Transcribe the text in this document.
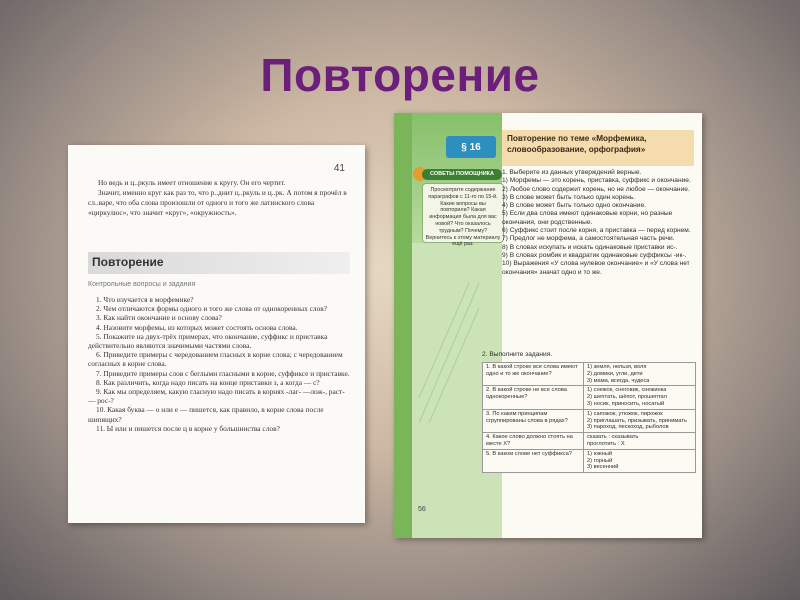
Повторение
41

Но ведь и ц..ркуль имеет отношение к кругу. Он его чертит.

Значит, именно круг как раз то, что р..днит ц..ркуль и ц..рк. А потом я прочёл в сл..варе, что оба слова произошли от одного и того же латинского слова «циркулюс», что значит «круг», «окружность».

Повторение
Контрольные вопросы и задания

1. Что изучается в морфемике?

2. Чем отличаются формы одного и того же слова от однокоренных слов?

3. Как найти окончание и основу слова?

4. Назовите морфемы, из которых может состоять основа слова.

5. Покажите на двух-трёх примерах, что окончание, суффикс и приставка действительно являются значимыми частями слова.

6. Приведите примеры с чередованием гласных в корне слова; с чередованием согласных в корне слова.

7. Приведите примеры слов с беглыми гласными в корне, суффиксе и приставке.

8. Как различить, когда надо писать на конце приставки з, а когда — с?

9. Как мы определяем, какую гласную надо писать в корнях -лаг- —лож-, раст- — рос-?

10. Какая буква — о или е — пишется, как правило, в корне слова после шипящих?

11. Ы или и пишется после ц в корне у большинства слов?

§ 16
Повторение по теме «Морфемика, словообразование, орфография»
СОВЕТЫ ПОМОЩНИКА
Просмотрите содержание параграфов с 11-го по 15-й. Какие вопросы вы повторили? Какая информация была для вас новой? Что оказалось трудным? Почему? Вернитесь к этому материалу ещё раз.

1. Выберите из данных утверждений верные.

1) Морфемы — это корень, приставка, суффикс и окончание.

2) Любое слово содержит корень, но не любое — окончание.

3) В слове может быть только один корень.

4) В слове может быть только одно окончание.

5) Если два слова имеют одинаковые корни, но разные окончания, они родственные.

6) Суффикс стоит после корня, а приставка — перед корнем.

7) Предлог не морфема, а самостоятельная часть речи.

8) В словах искупать и искать одинаковые приставки ис-.

9) В словах ромбик и квадратик одинаковые суффиксы -ик-.

10) Выражения «У слова нулевое окончание» и «У слова нет окончания» значат одно и то же.

2. Выполните задания.
1. В какой строке все слова имеют одно и то же окончание?	1) земля, нельзя, воля
2) домики, угли, дети
3) мама, всегда, чудеса
2. В какой строке не все слова однокоренные?	1) снежок, снеговик, снежинка
2) шептать, шёпот, прошептал
3) носик, приносить, носатый
3. По каким принципам сгруппированы слова в рядах?	1) сапожок, утюжок, пирожок
2) приглашать, призывать, принимать
3) пароход, пескоход, рыболов
4. Какое слово должно стоять на месте X?	сказать : сказывать
проглотить : X
5. В каком слове нет суффикса?	1) южный
2) горный
3) весенний
56
